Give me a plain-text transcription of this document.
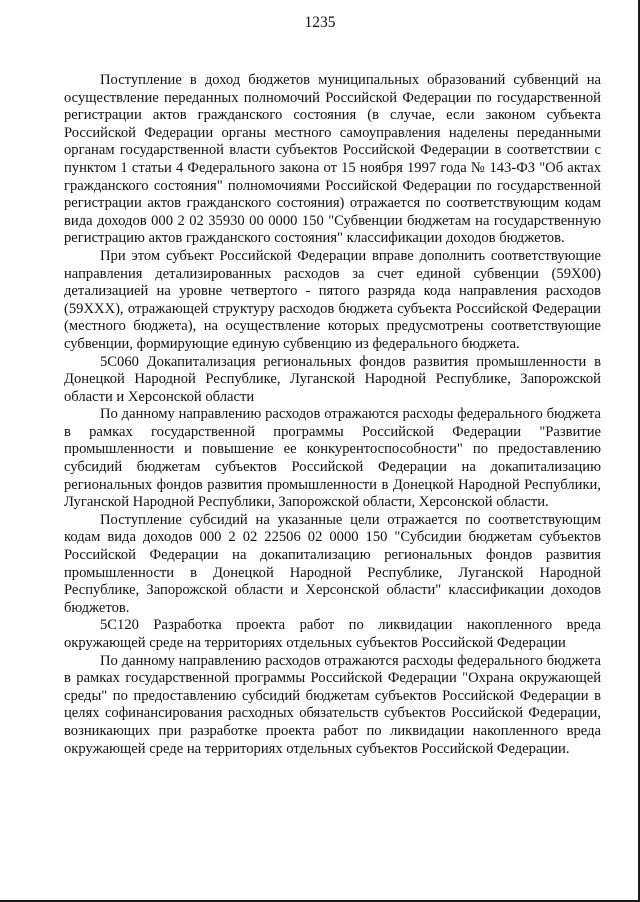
1235

Поступление в доход бюджетов муниципальных образований субвенций на осуществление переданных полномочий Российской Федерации по государственной регистрации актов гражданского состояния (в случае, если законом субъекта Российской Федерации органы местного самоуправления наделены переданными органам государственной власти субъектов Российской Федерации в соответствии с пунктом 1 статьи 4 Федерального закона от 15 ноября 1997 года № 143-ФЗ "Об актах гражданского состояния" полномочиями Российской Федерации по государственной регистрации актов гражданского состояния) отражается по соответствующим кодам вида доходов 000 2 02 35930 00 0000 150 "Субвенции бюджетам на государственную регистрацию актов гражданского состояния" классификации доходов бюджетов.

При этом субъект Российской Федерации вправе дополнить соответствующие направления детализированных расходов за счет единой субвенции (59Х00) детализацией на уровне четвертого - пятого разряда кода направления расходов (59ХХХ), отражающей структуру расходов бюджета субъекта Российской Федерации (местного бюджета), на осуществление которых предусмотрены соответствующие субвенции, формирующие единую субвенцию из федерального бюджета.

5С060 Докапитализация региональных фондов развития промышленности в Донецкой Народной Республике, Луганской Народной Республике, Запорожской области и Херсонской области

По данному направлению расходов отражаются расходы федерального бюджета в рамках государственной программы Российской Федерации "Развитие промышленности и повышение ее конкурентоспособности" по предоставлению субсидий бюджетам субъектов Российской Федерации на докапитализацию региональных фондов развития промышленности в Донецкой Народной Республики, Луганской Народной Республики, Запорожской области, Херсонской области.

Поступление субсидий на указанные цели отражается по соответствующим кодам вида доходов 000 2 02 22506 02 0000 150 "Субсидии бюджетам субъектов Российской Федерации на докапитализацию региональных фондов развития промышленности в Донецкой Народной Республике, Луганской Народной Республике, Запорожской области и Херсонской области" классификации доходов бюджетов.

5С120 Разработка проекта работ по ликвидации накопленного вреда окружающей среде на территориях отдельных субъектов Российской Федерации

По данному направлению расходов отражаются расходы федерального бюджета в рамках государственной программы Российской Федерации "Охрана окружающей среды" по предоставлению субсидий бюджетам субъектов Российской Федерации в целях софинансирования расходных обязательств субъектов Российской Федерации, возникающих при разработке проекта работ по ликвидации накопленного вреда окружающей среде на территориях отдельных субъектов Российской Федерации.
